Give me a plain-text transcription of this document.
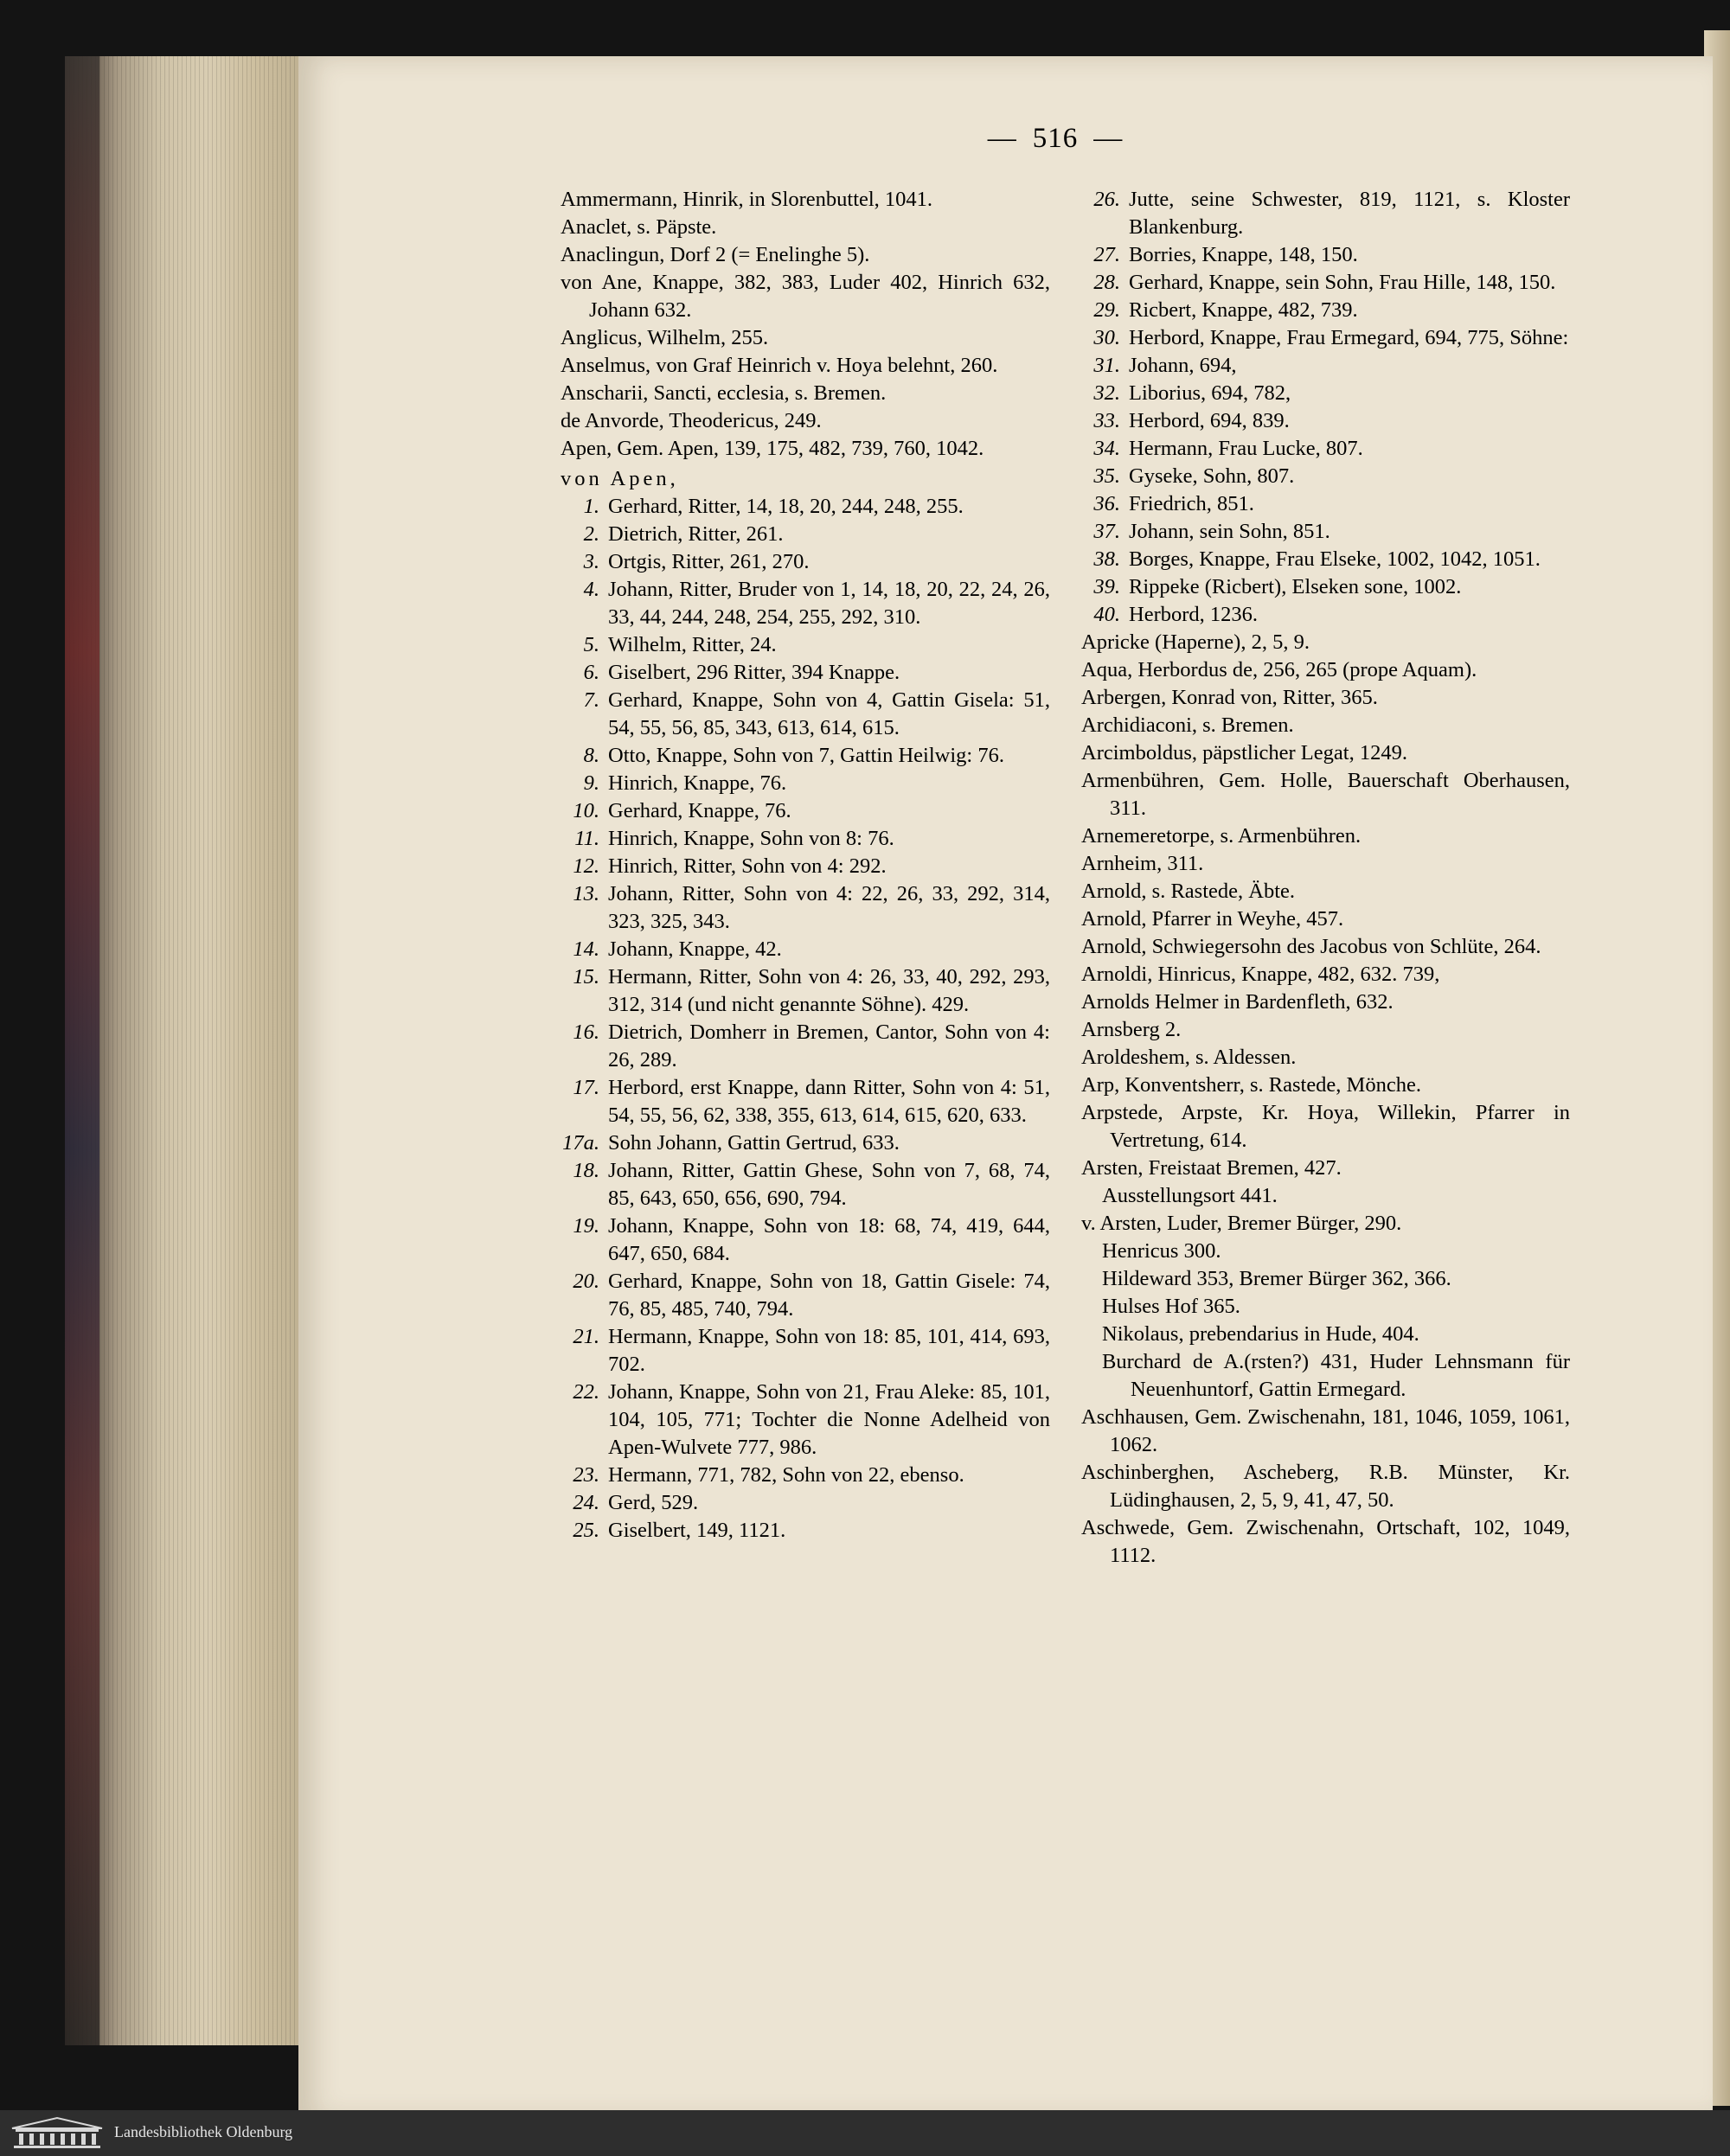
— 516 —
Ammermann, Hinrik, in Slorenbuttel, 1041.
Anaclet, s. Päpste.
Anaclingun, Dorf 2 (= Enelinghe 5).
von Ane, Knappe, 382, 383, Luder 402, Hinrich 632, Johann 632.
Anglicus, Wilhelm, 255.
Anselmus, von Graf Heinrich v. Hoya belehnt, 260.
Anscharii, Sancti, ecclesia, s. Bremen.
de Anvorde, Theodericus, 249.
Apen, Gem. Apen, 139, 175, 482, 739, 760, 1042.
von Apen,
1. Gerhard, Ritter, 14, 18, 20, 244, 248, 255.
2. Dietrich, Ritter, 261.
3. Ortgis, Ritter, 261, 270.
4. Johann, Ritter, Bruder von 1, 14, 18, 20, 22, 24, 26, 33, 44, 244, 248, 254, 255, 292, 310.
5. Wilhelm, Ritter, 24.
6. Giselbert, 296 Ritter, 394 Knappe.
7. Gerhard, Knappe, Sohn von 4, Gattin Gisela: 51, 54, 55, 56, 85, 343, 613, 614, 615.
8. Otto, Knappe, Sohn von 7, Gattin Heilwig: 76.
9. Hinrich, Knappe, 76.
10. Gerhard, Knappe, 76.
11. Hinrich, Knappe, Sohn von 8: 76.
12. Hinrich, Ritter, Sohn von 4: 292.
13. Johann, Ritter, Sohn von 4: 22, 26, 33, 292, 314, 323, 325, 343.
14. Johann, Knappe, 42.
15. Hermann, Ritter, Sohn von 4: 26, 33, 40, 292, 293, 312, 314 (und nicht genannte Söhne). 429.
16. Dietrich, Domherr in Bremen, Cantor, Sohn von 4: 26, 289.
17. Herbord, erst Knappe, dann Ritter, Sohn von 4: 51, 54, 55, 56, 62, 338, 355, 613, 614, 615, 620, 633.
17a. Sohn Johann, Gattin Gertrud, 633.
18. Johann, Ritter, Gattin Ghese, Sohn von 7, 68, 74, 85, 643, 650, 656, 690, 794.
19. Johann, Knappe, Sohn von 18: 68, 74, 419, 644, 647, 650, 684.
20. Gerhard, Knappe, Sohn von 18, Gattin Gisele: 74, 76, 85, 485, 740, 794.
21. Hermann, Knappe, Sohn von 18: 85, 101, 414, 693, 702.
22. Johann, Knappe, Sohn von 21, Frau Aleke: 85, 101, 104, 105, 771; Tochter die Nonne Adelheid von Apen-Wulvete 777, 986.
23. Hermann, 771, 782, Sohn von 22, ebenso.
24. Gerd, 529.
25. Giselbert, 149, 1121.
26. Jutte, seine Schwester, 819, 1121, s. Kloster Blankenburg.
27. Borries, Knappe, 148, 150.
28. Gerhard, Knappe, sein Sohn, Frau Hille, 148, 150.
29. Ricbert, Knappe, 482, 739.
30. Herbord, Knappe, Frau Ermegard, 694, 775, Söhne:
31. Johann, 694,
32. Liborius, 694, 782,
33. Herbord, 694, 839.
34. Hermann, Frau Lucke, 807.
35. Gyseke, Sohn, 807.
36. Friedrich, 851.
37. Johann, sein Sohn, 851.
38. Borges, Knappe, Frau Elseke, 1002, 1042, 1051.
39. Rippeke (Ricbert), Elseken sone, 1002.
40. Herbord, 1236.
Apricke (Haperne), 2, 5, 9.
Aqua, Herbordus de, 256, 265 (prope Aquam).
Arbergen, Konrad von, Ritter, 365.
Archidiaconi, s. Bremen.
Arcimboldus, päpstlicher Legat, 1249.
Armenbühren, Gem. Holle, Bauerschaft Oberhausen, 311.
Arnemeretorpe, s. Armenbühren.
Arnheim, 311.
Arnold, s. Rastede, Äbte.
Arnold, Pfarrer in Weyhe, 457.
Arnold, Schwiegersohn des Jacobus von Schlüte, 264.
Arnoldi, Hinricus, Knappe, 482, 632. 739,
Arnolds Helmer in Bardenfleth, 632.
Arnsberg 2.
Aroldeshem, s. Aldessen.
Arp, Konventsherr, s. Rastede, Mönche.
Arpstede, Arpste, Kr. Hoya, Willekin, Pfarrer in Vertretung, 614.
Arsten, Freistaat Bremen, 427.
Ausstellungsort 441.
v. Arsten, Luder, Bremer Bürger, 290.
Henricus 300.
Hildeward 353, Bremer Bürger 362, 366.
Hulses Hof 365.
Nikolaus, prebendarius in Hude, 404.
Burchard de A.(rsten?) 431, Huder Lehnsmann für Neuenhuntorf, Gattin Ermegard.
Aschhausen, Gem. Zwischenahn, 181, 1046, 1059, 1061, 1062.
Aschinberghen, Ascheberg, R.B. Münster, Kr. Lüdinghausen, 2, 5, 9, 41, 47, 50.
Aschwede, Gem. Zwischenahn, Ortschaft, 102, 1049, 1112.
Landesbibliothek Oldenburg
